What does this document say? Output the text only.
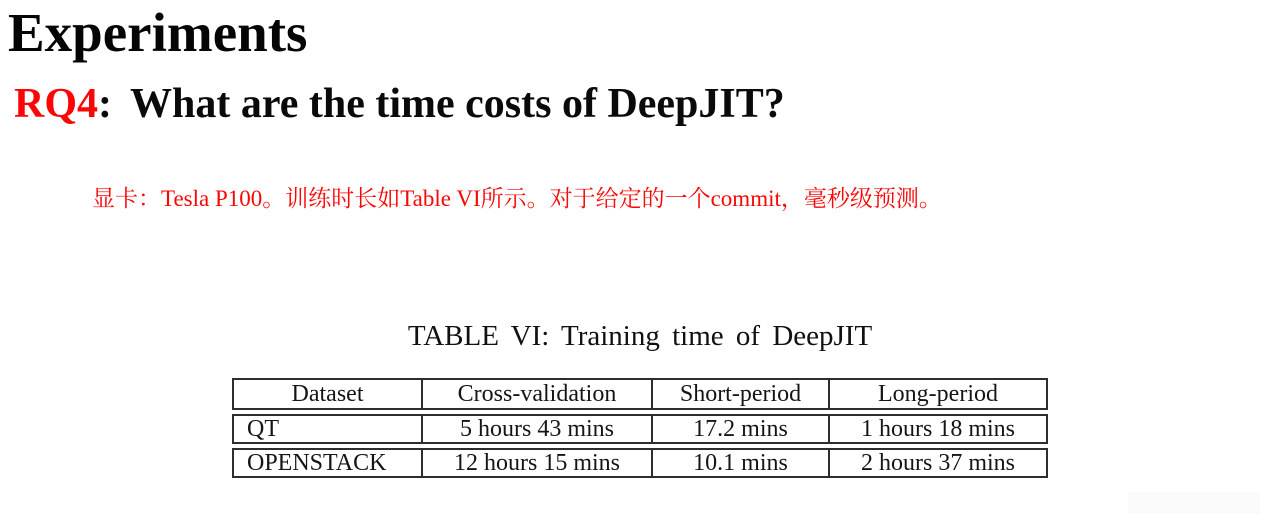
Experiments
RQ4: What are the time costs of DeepJIT?
显卡：Tesla P100。训练时长如Table VI所示。对于给定的一个commit，毫秒级预测。
TABLE VI: Training time of DeepJIT
Dataset	Cross-validation	Short-period	Long-period
QT	5 hours 43 mins	17.2 mins	1 hours 18 mins
OPENSTACK	12 hours 15 mins	10.1 mins	2 hours 37 mins
